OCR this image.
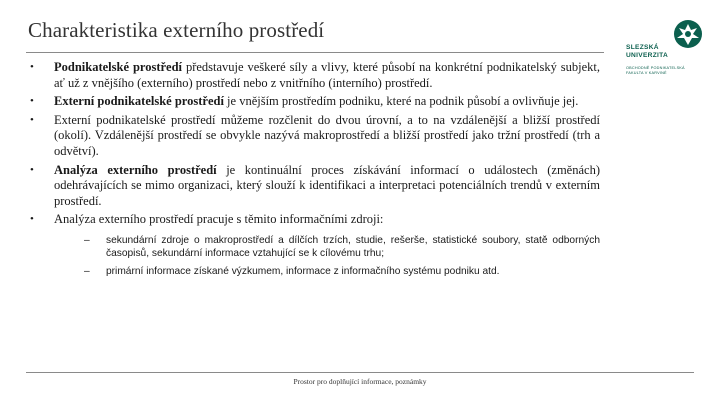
Charakteristika externího prostředí
SLEZSKÁ
UNIVERZITA
OBCHODNĚ PODNIKATELSKÁ
FAKULTA V KARVINÉ
• Podnikatelské prostředí představuje veškeré síly a vlivy, které působí na konkrétní podnikatelský subjekt, ať už z vnějšího (externího) prostředí nebo z vnitřního (interního) prostředí.
• Externí podnikatelské prostředí je vnějším prostředím podniku, které na podnik působí a ovlivňuje jej.
• Externí podnikatelské prostředí můžeme rozčlenit do dvou úrovní, a to na vzdálenější a bližší prostředí (okolí). Vzdálenější prostředí se obvykle nazývá makroprostředí a bližší prostředí jako tržní prostředí (trh a odvětví).
• Analýza externího prostředí je kontinuální proces získávání informací o událostech (změnách) odehrávajících se mimo organizaci, který slouží k identifikaci a interpretaci potenciálních trendů v externím prostředí.
• Analýza externího prostředí pracuje s těmito informačními zdroji:
– sekundární zdroje o makroprostředí a dílčích trzích, studie, rešerše, statistické soubory, statě odborných časopisů, sekundární informace vztahující se k cílovému trhu;
– primární informace získané výzkumem, informace z informačního systému podniku atd.
Prostor pro doplňující informace, poznámky
